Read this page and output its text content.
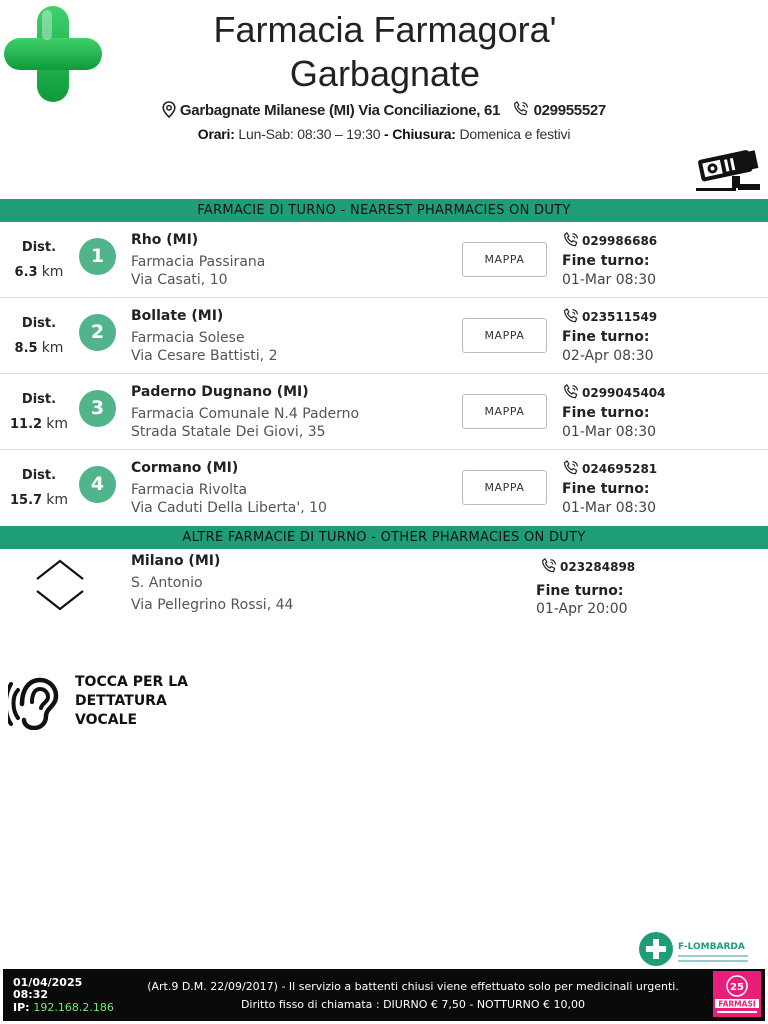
Farmacia Farmagora'
Garbagnate
Garbagnate Milanese (MI) Via Conciliazione, 61 029955527
Orari: Lun-Sab: 08:30 – 19:30 - Chiusura: Domenica e festivi
FARMACIE DI TURNO - NEAREST PHARMACIES ON DUTY
Dist.
6.3 km
1
Rho (MI)
Farmacia Passirana
Via Casati, 10
MAPPA
029986686
Fine turno:
01-Mar 08:30
Dist.
8.5 km
2
Bollate (MI)
Farmacia Solese
Via Cesare Battisti, 2
MAPPA
023511549
Fine turno:
02-Apr 08:30
Dist.
11.2 km
3
Paderno Dugnano (MI)
Farmacia Comunale N.4 Paderno
Strada Statale Dei Giovi, 35
MAPPA
0299045404
Fine turno:
01-Mar 08:30
Dist.
15.7 km
4
Cormano (MI)
Farmacia Rivolta
Via Caduti Della Liberta', 10
MAPPA
024695281
Fine turno:
01-Mar 08:30
ALTRE FARMACIE DI TURNO - OTHER PHARMACIES ON DUTY
Milano (MI)
S. Antonio
Via Pellegrino Rossi, 44
023284898
Fine turno:
01-Apr 20:00
TOCCA PER LA
DETTATURA
VOCALE
F-LOMBARDA
01/04/2025
08:32
IP: 192.168.2.186
(Art.9 D.M. 22/09/2017) - Il servizio a battenti chiusi viene effettuato solo per medicinali urgenti.
Diritto fisso di chiamata : DIURNO € 7,50 - NOTTURNO € 10,00
25
FARMASI
